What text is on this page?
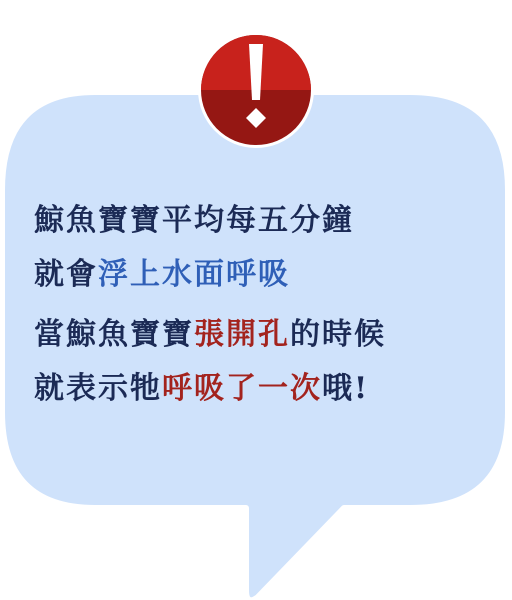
鯨魚寶寶平均每五分鐘
就會浮上水面呼吸
當鯨魚寶寶張開孔的時候
就表示牠呼吸了一次哦!
